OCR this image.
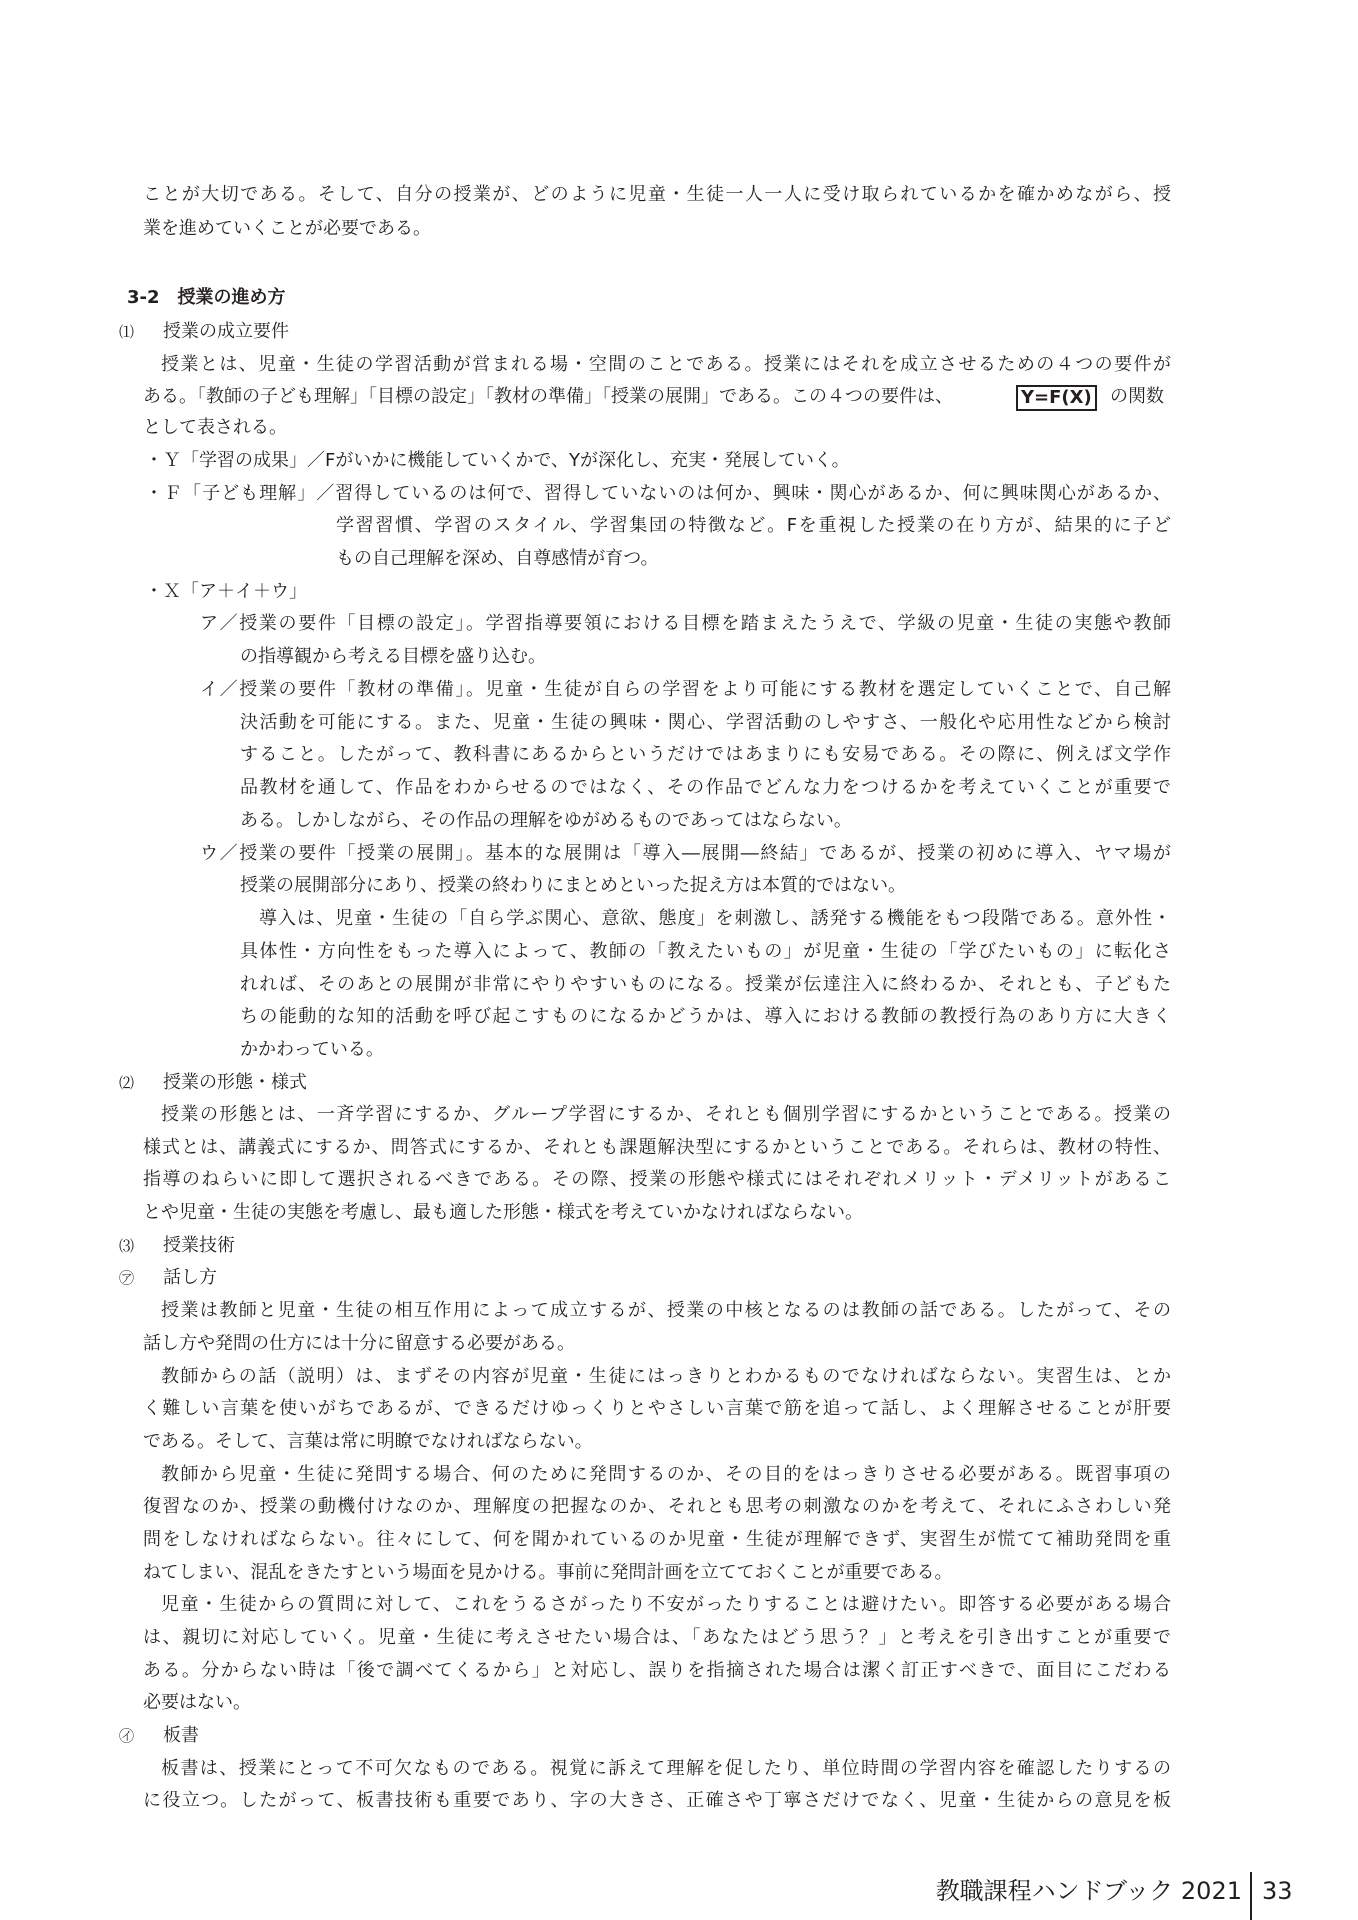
ことが大切である。そして、自分の授業が、どのように児童・生徒一人一人に受け取られているかを確かめながら、授
業を進めていくことが必要である。
3-2　授業の進め方
⑴ 授業の成立要件
授業とは、児童・生徒の学習活動が営まれる場・空間のことである。授業にはそれを成立させるための４つの要件が
ある。「教師の子ども理解」「目標の設定」「教材の準備」「授業の展開」である。この４つの要件は、	Y=F(X) の関数
として表される。
・Ｙ「学習の成果」／Fがいかに機能していくかで、Yが深化し、充実・発展していく。
・Ｆ「子ども理解」／習得しているのは何で、習得していないのは何か、興味・関心があるか、何に興味関心があるか、
学習習慣、学習のスタイル、学習集団の特徴など。Fを重視した授業の在り方が、結果的に子ど
もの自己理解を深め、自尊感情が育つ。
・Ｘ「ア＋イ＋ウ」
ア／授業の要件「目標の設定」。学習指導要領における目標を踏まえたうえで、学級の児童・生徒の実態や教師
の指導観から考える目標を盛り込む。
イ／授業の要件「教材の準備」。児童・生徒が自らの学習をより可能にする教材を選定していくことで、自己解
決活動を可能にする。また、児童・生徒の興味・関心、学習活動のしやすさ、一般化や応用性などから検討
すること。したがって、教科書にあるからというだけではあまりにも安易である。その際に、例えば文学作
品教材を通して、作品をわからせるのではなく、その作品でどんな力をつけるかを考えていくことが重要で
ある。しかしながら、その作品の理解をゆがめるものであってはならない。
ウ／授業の要件「授業の展開」。基本的な展開は「導入―展開―終結」であるが、授業の初めに導入、ヤマ場が
授業の展開部分にあり、授業の終わりにまとめといった捉え方は本質的ではない。
導入は、児童・生徒の「自ら学ぶ関心、意欲、態度」を刺激し、誘発する機能をもつ段階である。意外性・
具体性・方向性をもった導入によって、教師の「教えたいもの」が児童・生徒の「学びたいもの」に転化さ
れれば、そのあとの展開が非常にやりやすいものになる。授業が伝達注入に終わるか、それとも、子どもた
ちの能動的な知的活動を呼び起こすものになるかどうかは、導入における教師の教授行為のあり方に大きく
かかわっている。
⑵ 授業の形態・様式
授業の形態とは、一斉学習にするか、グループ学習にするか、それとも個別学習にするかということである。授業の
様式とは、講義式にするか、問答式にするか、それとも課題解決型にするかということである。それらは、教材の特性、
指導のねらいに即して選択されるべきである。その際、授業の形態や様式にはそれぞれメリット・デメリットがあるこ
とや児童・生徒の実態を考慮し、最も適した形態・様式を考えていかなければならない。
⑶ 授業技術
㋐ 話し方
授業は教師と児童・生徒の相互作用によって成立するが、授業の中核となるのは教師の話である。したがって、その
話し方や発問の仕方には十分に留意する必要がある。
教師からの話（説明）は、まずその内容が児童・生徒にはっきりとわかるものでなければならない。実習生は、とか
く難しい言葉を使いがちであるが、できるだけゆっくりとやさしい言葉で筋を追って話し、よく理解させることが肝要
である。そして、言葉は常に明瞭でなければならない。
教師から児童・生徒に発問する場合、何のために発問するのか、その目的をはっきりさせる必要がある。既習事項の
復習なのか、授業の動機付けなのか、理解度の把握なのか、それとも思考の刺激なのかを考えて、それにふさわしい発
問をしなければならない。往々にして、何を聞かれているのか児童・生徒が理解できず、実習生が慌てて補助発問を重
ねてしまい、混乱をきたすという場面を見かける。事前に発問計画を立てておくことが重要である。
児童・生徒からの質問に対して、これをうるさがったり不安がったりすることは避けたい。即答する必要がある場合
は、親切に対応していく。児童・生徒に考えさせたい場合は、「あなたはどう思う？」と考えを引き出すことが重要で
ある。分からない時は「後で調べてくるから」と対応し、誤りを指摘された場合は潔く訂正すべきで、面目にこだわる
必要はない。
㋑ 板書
板書は、授業にとって不可欠なものである。視覚に訴えて理解を促したり、単位時間の学習内容を確認したりするの
に役立つ。したがって、板書技術も重要であり、字の大きさ、正確さや丁寧さだけでなく、児童・生徒からの意見を板
教職課程ハンドブック 2021 33
